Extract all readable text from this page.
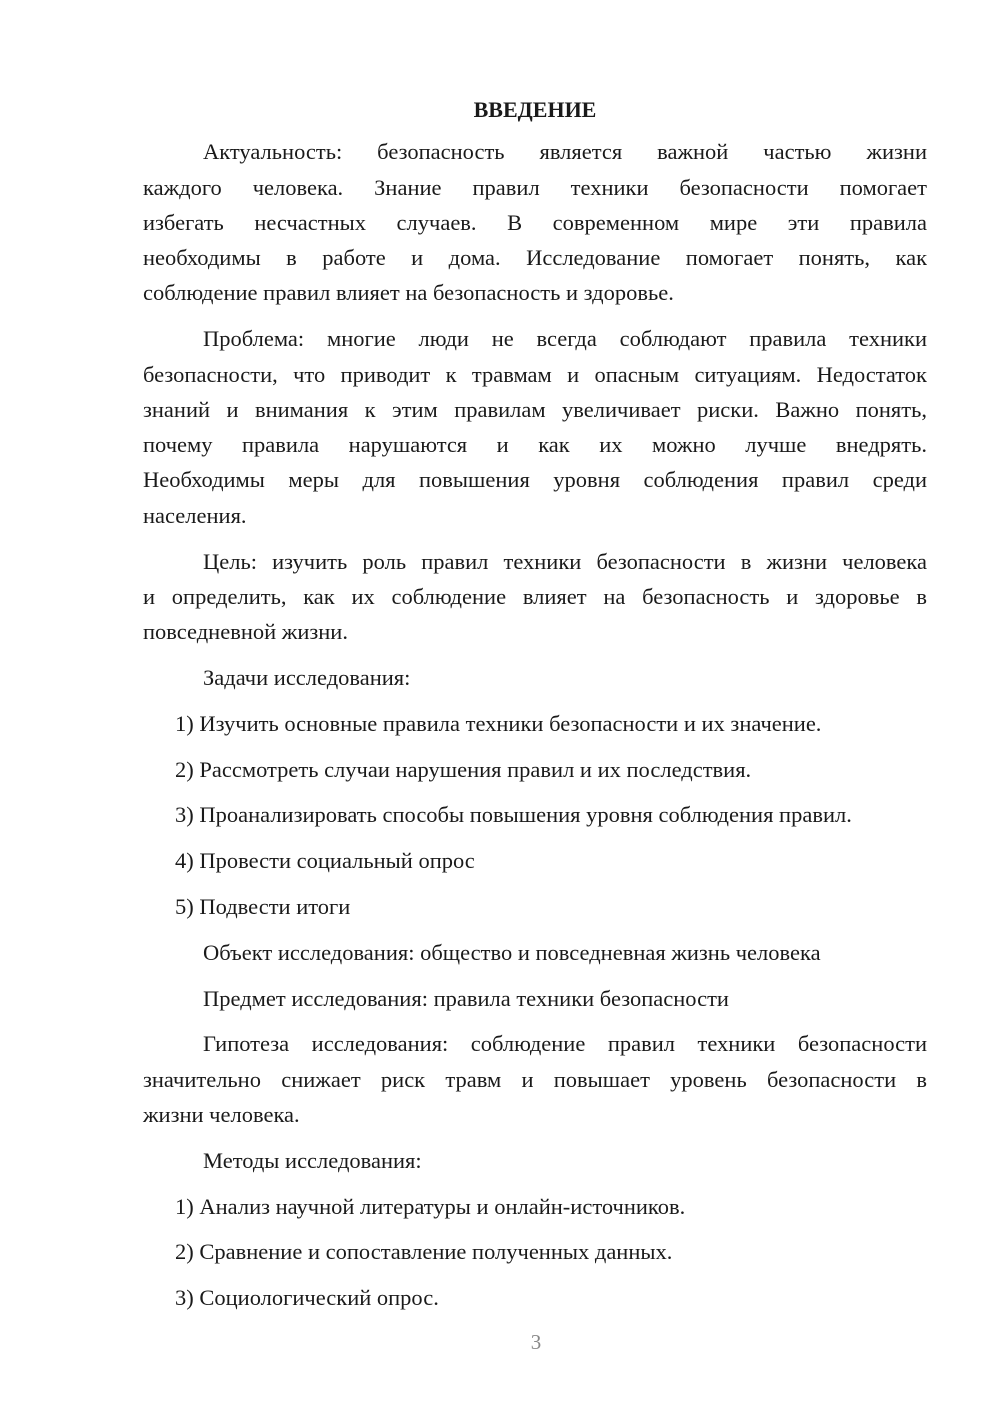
ВВЕДЕНИЕ
Актуальность: безопасность является важной частью жизни
каждого человека. Знание правил техники безопасности помогает
избегать несчастных случаев. В современном мире эти правила
необходимы в работе и дома. Исследование помогает понять, как
соблюдение правил влияет на безопасность и здоровье.
Проблема: многие люди не всегда соблюдают правила техники
безопасности, что приводит к травмам и опасным ситуациям. Недостаток
знаний и внимания к этим правилам увеличивает риски. Важно понять,
почему правила нарушаются и как их можно лучше внедрять.
Необходимы меры для повышения уровня соблюдения правил среди
населения.
Цель: изучить роль правил техники безопасности в жизни человека
и определить, как их соблюдение влияет на безопасность и здоровье в
повседневной жизни.
Задачи исследования:
1) Изучить основные правила техники безопасности и их значение.
2) Рассмотреть случаи нарушения правил и их последствия.
3) Проанализировать способы повышения уровня соблюдения правил.
4) Провести социальный опрос
5) Подвести итоги
Объект исследования: общество и повседневная жизнь человека
Предмет исследования: правила техники безопасности
Гипотеза исследования: соблюдение правил техники безопасности
значительно снижает риск травм и повышает уровень безопасности в
жизни человека.
Методы исследования:
1) Анализ научной литературы и онлайн-источников.
2) Сравнение и сопоставление полученных данных.
3) Социологический опрос.
3
